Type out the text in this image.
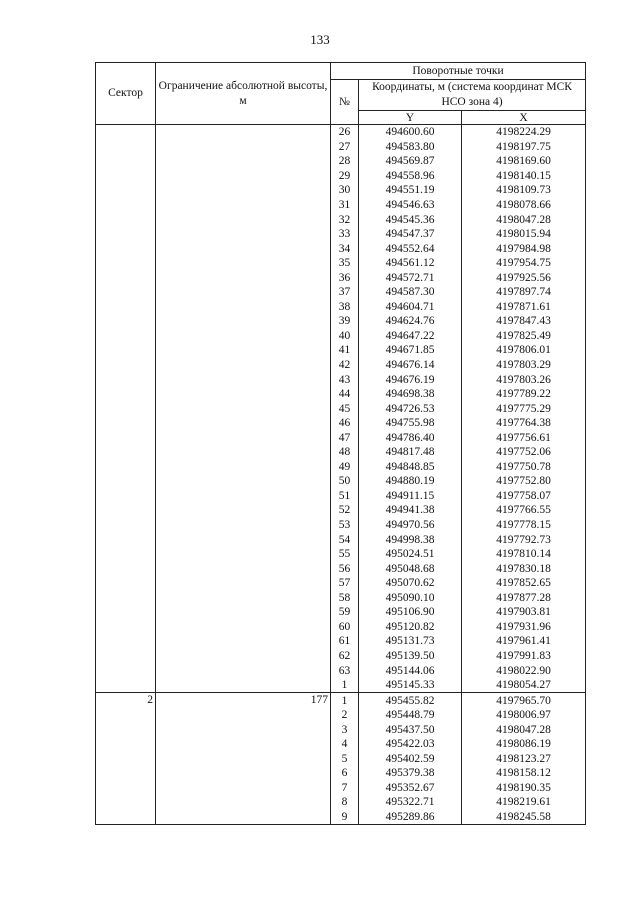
133
Сектор	Ограничение абсолютной высоты, м	Поворотные точки		
		№	Координаты, м (система координат МСК НСО зона 4)	
			Y	X
		26	494600.60	4198224.29
		27	494583.80	4198197.75
		28	494569.87	4198169.60
		29	494558.96	4198140.15
		30	494551.19	4198109.73
		31	494546.63	4198078.66
		32	494545.36	4198047.28
		33	494547.37	4198015.94
		34	494552.64	4197984.98
		35	494561.12	4197954.75
		36	494572.71	4197925.56
		37	494587.30	4197897.74
		38	494604.71	4197871.61
		39	494624.76	4197847.43
		40	494647.22	4197825.49
		41	494671.85	4197806.01
		42	494676.14	4197803.29
		43	494676.19	4197803.26
		44	494698.38	4197789.22
		45	494726.53	4197775.29
		46	494755.98	4197764.38
		47	494786.40	4197756.61
		48	494817.48	4197752.06
		49	494848.85	4197750.78
		50	494880.19	4197752.80
		51	494911.15	4197758.07
		52	494941.38	4197766.55
		53	494970.56	4197778.15
		54	494998.38	4197792.73
		55	495024.51	4197810.14
		56	495048.68	4197830.18
		57	495070.62	4197852.65
		58	495090.10	4197877.28
		59	495106.90	4197903.81
		60	495120.82	4197931.96
		61	495131.73	4197961.41
		62	495139.50	4197991.83
		63	495144.06	4198022.90
		1	495145.33	4198054.27
2	177	1	495455.82	4197965.70
		2	495448.79	4198006.97
		3	495437.50	4198047.28
		4	495422.03	4198086.19
		5	495402.59	4198123.27
		6	495379.38	4198158.12
		7	495352.67	4198190.35
		8	495322.71	4198219.61
		9	495289.86	4198245.58
